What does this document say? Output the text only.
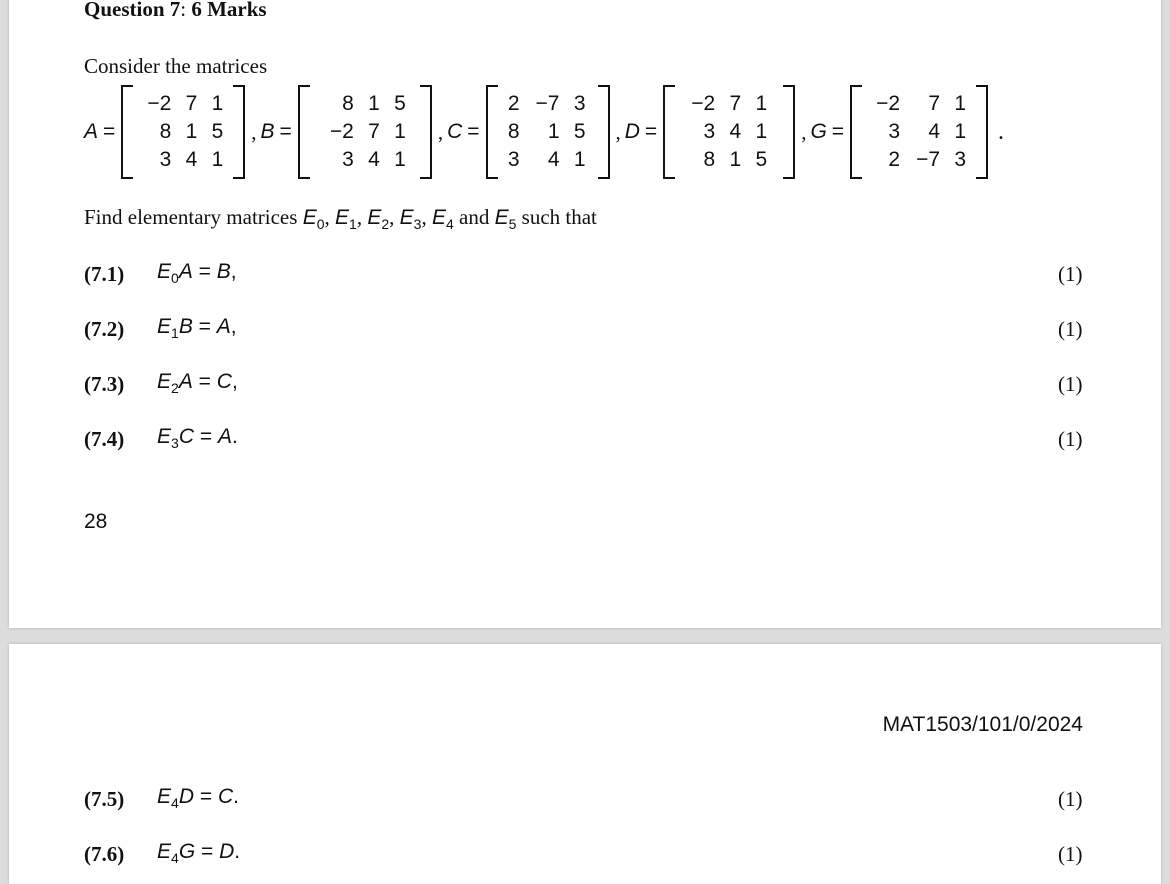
Question 7: 6 Marks
Consider the matrices
A =
−2 7 1
8 1 5
3 4 1
, B =
8 1 5
−2 7 1
3 4 1
, C =
2 −7 3
8	1 5
3	4 1
, D =
−2 7 1
3 4 1
8 1 5
, G =
−2	7 1
3	4 1
2 −7 3
.
Find elementary matrices $E_0$, $E_1$, $E_2$, $E_3$, $E_4$ and $E_5$ such that
(7.1) $E_0A = B$,	(1)
(7.2) $E_1B = A$,	(1)
(7.3) $E_2A = C$,	(1)
(7.4) $E_3C = A$.	(1)
28
MAT1503/101/0/2024
(7.5) $E_4D = C$.	(1)
(7.6) $E_4G = D$.	(1)
